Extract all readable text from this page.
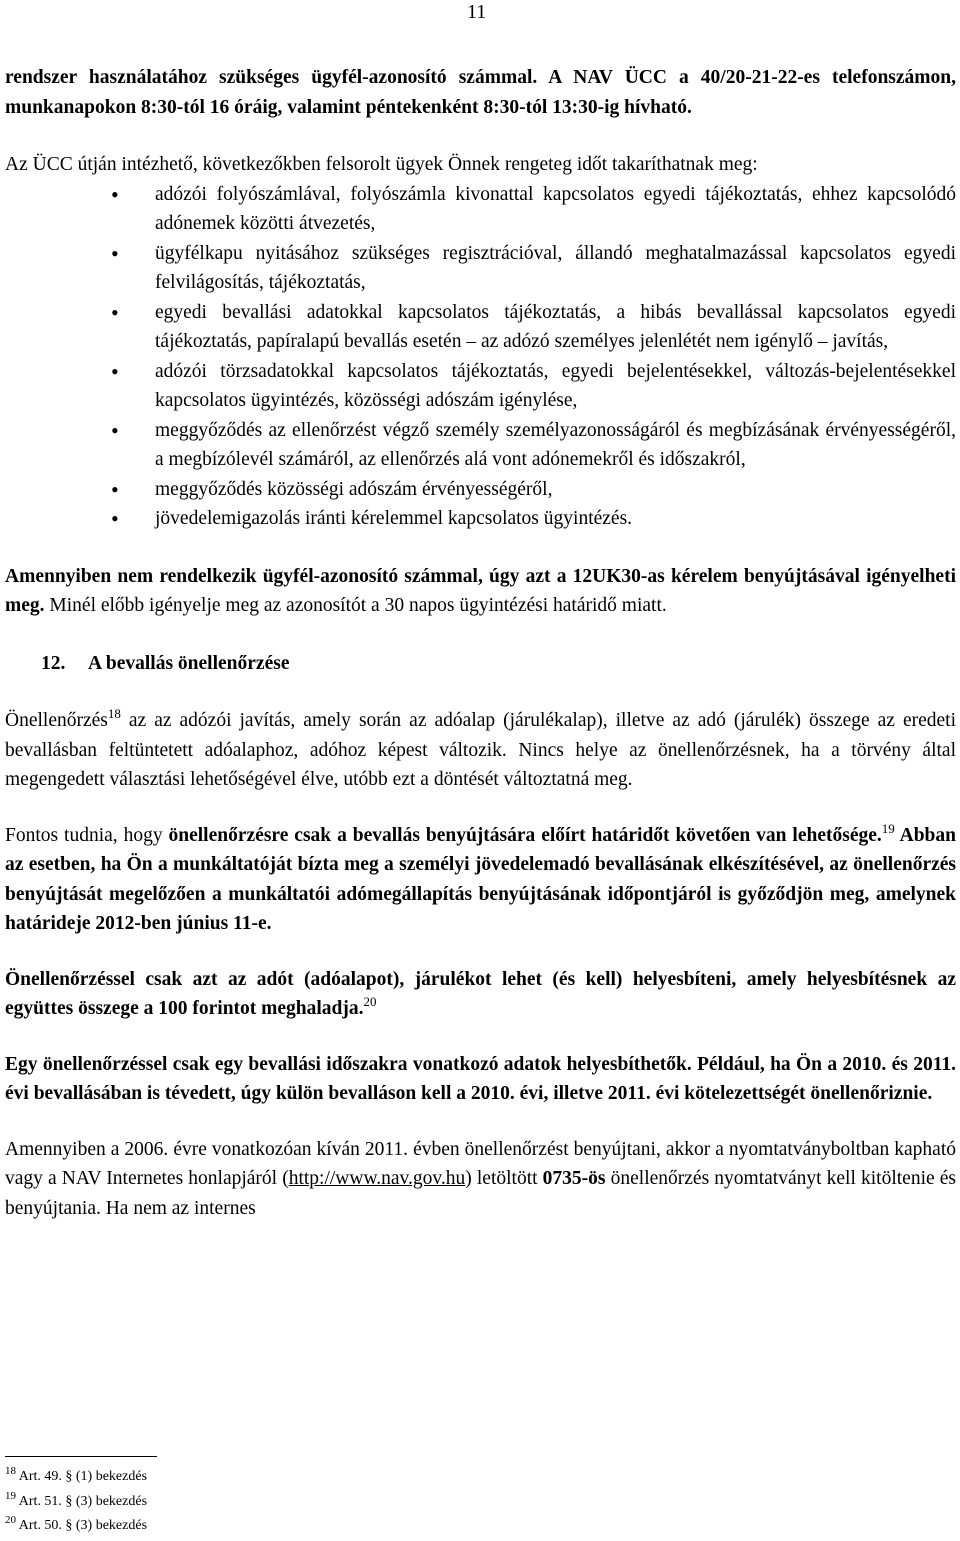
11

rendszer használatához szükséges ügyfél-azonosító számmal. A NAV ÜCC a 40/20-21-22-es telefonszámon, munkanapokon 8:30-tól 16 óráig, valamint péntekenként 8:30-tól 13:30-ig hívható.

Az ÜCC útján intézhető, következőkben felsorolt ügyek Önnek rengeteg időt takaríthatnak meg:

• adózói folyószámlával, folyószámla kivonattal kapcsolatos egyedi tájékoztatás, ehhez kapcsolódó adónemek közötti átvezetés,
• ügyfélkapu nyitásához szükséges regisztrációval, állandó meghatalmazással kapcsolatos egyedi felvilágosítás, tájékoztatás,
• egyedi bevallási adatokkal kapcsolatos tájékoztatás, a hibás bevallással kapcsolatos egyedi tájékoztatás, papíralapú bevallás esetén – az adózó személyes jelenlétét nem igénylő – javítás,
• adózói törzsadatokkal kapcsolatos tájékoztatás, egyedi bejelentésekkel, változás-bejelentésekkel kapcsolatos ügyintézés, közösségi adószám igénylése,
• meggyőződés az ellenőrzést végző személy személyazonosságáról és megbízásának érvényességéről, a megbízólevél számáról, az ellenőrzés alá vont adónemekről és időszakról,
• meggyőződés közösségi adószám érvényességéről,
• jövedelemigazolás iránti kérelemmel kapcsolatos ügyintézés.

Amennyiben nem rendelkezik ügyfél-azonosító számmal, úgy azt a 12UK30-as kérelem benyújtásával igényelheti meg. Minél előbb igényelje meg az azonosítót a 30 napos ügyintézési határidő miatt.

12. A bevallás önellenőrzése

Önellenőrzés$^{18}$ az az adózói javítás, amely során az adóalap (járulékalap), illetve az adó (járulék) összege az eredeti bevallásban feltüntetett adóalaphoz, adóhoz képest változik. Nincs helye az önellenőrzésnek, ha a törvény által megengedett választási lehetőségével élve, utóbb ezt a döntését változtatná meg.

Fontos tudnia, hogy önellenőrzésre csak a bevallás benyújtására előírt határidőt követően van lehetősége.$^{19}$ Abban az esetben, ha Ön a munkáltatóját bízta meg a személyi jövedelemadó bevallásának elkészítésével, az önellenőrzés benyújtását megelőzően a munkáltatói adómegállapítás benyújtásának időpontjáról is győződjön meg, amelynek határideje 2012-ben június 11-e.

Önellenőrzéssel csak azt az adót (adóalapot), járulékot lehet (és kell) helyesbíteni, amely helyesbítésnek az együttes összege a 100 forintot meghaladja.$^{20}$

Egy önellenőrzéssel csak egy bevallási időszakra vonatkozó adatok helyesbíthetők. Például, ha Ön a 2010. és 2011. évi bevallásában is tévedett, úgy külön bevalláson kell a 2010. évi, illetve 2011. évi kötelezettségét önellenőriznie.

Amennyiben a 2006. évre vonatkozóan kíván 2011. évben önellenőrzést benyújtani, akkor a nyomtatványboltban kapható vagy a NAV Internetes honlapjáról (http://www.nav.gov.hu) letöltött 0735-ös önellenőrzés nyomtatványt kell kitöltenie és benyújtania. Ha nem az internes

$^{18}$ Art. 49. § (1) bekezdés
$^{19}$ Art. 51. § (3) bekezdés
$^{20}$ Art. 50. § (3) bekezdés
